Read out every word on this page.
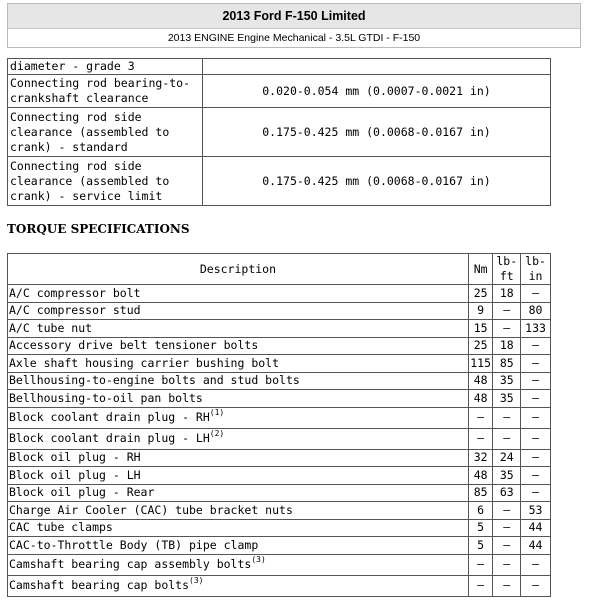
2013 Ford F-150 Limited
2013 ENGINE Engine Mechanical - 3.5L GTDI - F-150
diameter - grade 3	
Connecting rod bearing-to-crankshaft clearance	0.020-0.054 mm (0.0007-0.0021 in)
Connecting rod side clearance (assembled to crank) - standard	0.175-0.425 mm (0.0068-0.0167 in)
Connecting rod side clearance (assembled to crank) - service limit	0.175-0.425 mm (0.0068-0.0167 in)
TORQUE SPECIFICATIONS
Description	Nm	lb-ft	lb-in
A/C compressor bolt	25	18	–
A/C compressor stud	9	–	80
A/C tube nut	15	–	133
Accessory drive belt tensioner bolts	25	18	–
Axle shaft housing carrier bushing bolt	115	85	–
Bellhousing-to-engine bolts and stud bolts	48	35	–
Bellhousing-to-oil pan bolts	48	35	–
Block coolant drain plug - RH$^{(1)}$	–	–	–
Block coolant drain plug - LH$^{(2)}$	–	–	–
Block oil plug - RH	32	24	–
Block oil plug - LH	48	35	–
Block oil plug - Rear	85	63	–
Charge Air Cooler (CAC) tube bracket nuts	6	–	53
CAC tube clamps	5	–	44
CAC-to-Throttle Body (TB) pipe clamp	5	–	44
Camshaft bearing cap assembly bolts$^{(3)}$	–	–	–
Camshaft bearing cap bolts$^{(3)}$	–	–	–
